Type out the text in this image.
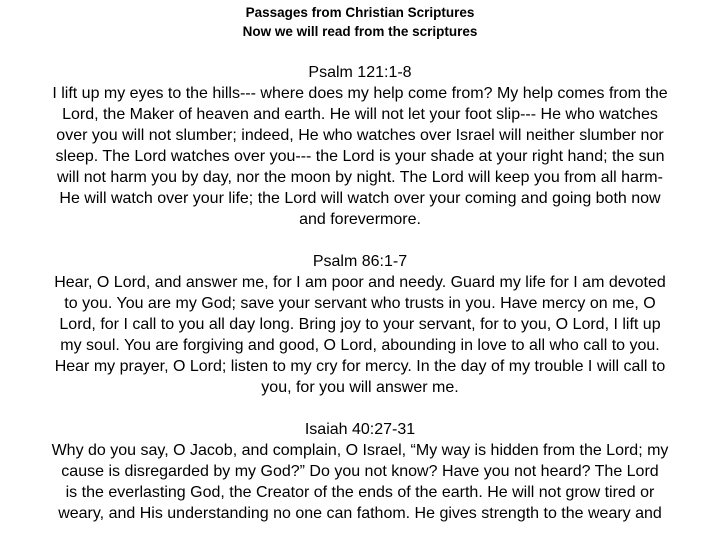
Passages from Christian Scriptures
Now we will read from the scriptures
Psalm 121:1-8
I lift up my eyes to the hills--- where does my help come from? My help comes from the
Lord, the Maker of heaven and earth. He will not let your foot slip--- He who watches
over you will not slumber; indeed, He who watches over Israel will neither slumber nor
sleep. The Lord watches over you--- the Lord is your shade at your right hand; the sun
will not harm you by day, nor the moon by night. The Lord will keep you from all harm-
He will watch over your life; the Lord will watch over your coming and going both now
and forevermore.
Psalm 86:1-7
Hear, O Lord, and answer me, for I am poor and needy. Guard my life for I am devoted
to you. You are my God; save your servant who trusts in you. Have mercy on me, O
Lord, for I call to you all day long. Bring joy to your servant, for to you, O Lord, I lift up
my soul. You are forgiving and good, O Lord, abounding in love to all who call to you.
Hear my prayer, O Lord; listen to my cry for mercy. In the day of my trouble I will call to
you, for you will answer me.
Isaiah 40:27-31
Why do you say, O Jacob, and complain, O Israel, “My way is hidden from the Lord; my
cause is disregarded by my God?” Do you not know? Have you not heard? The Lord
is the everlasting God, the Creator of the ends of the earth. He will not grow tired or
weary, and His understanding no one can fathom. He gives strength to the weary and
